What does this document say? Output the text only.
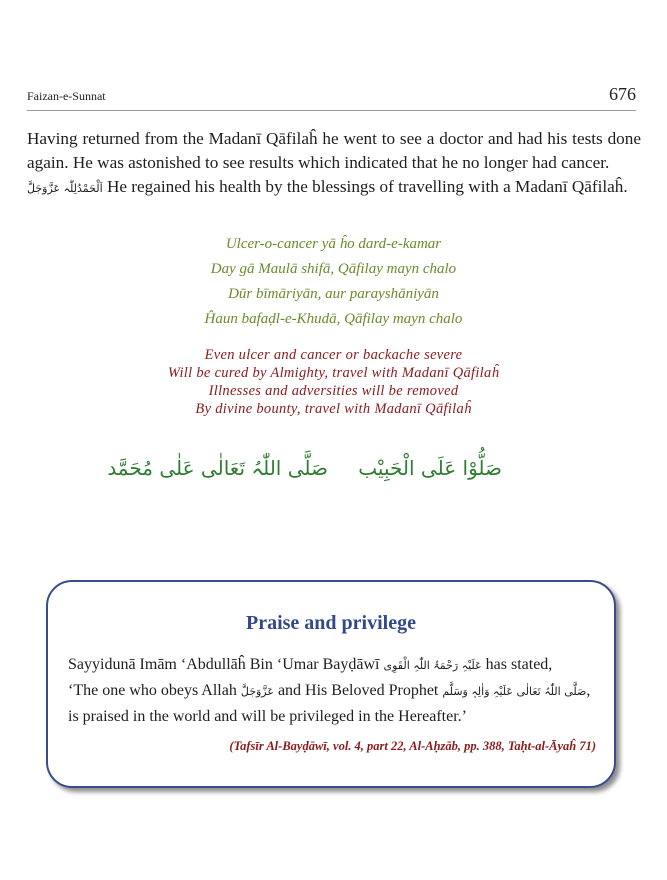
Faizan-e-Sunnat	676

Having returned from the Madanī Qāfilaĥ he went to see a doctor and had his tests done again. He was astonished to see results which indicated that he no longer had cancer.
اَلْحَمْدُلِلّٰہ عَزَّوَجَلَّ He regained his health by the blessings of travelling with a Madanī Qāfilaĥ.

Ulcer-o-cancer yā ĥo dard-e-kamar
Day gā Maulā shifā, Qāfilay mayn chalo
Dūr bīmāriyān, aur parayshāniyān
Ĥaun bafaḍl-e-Khudā, Qāfilay mayn chalo
Even ulcer and cancer or backache severe
Will be cured by Almighty, travel with Madanī Qāfilaĥ
Illnesses and adversities will be removed
By divine bounty, travel with Madanī Qāfilaĥ
صَلَّی اللّٰہُ تَعَالٰی عَلٰی مُحَمَّد صَلُّوْا عَلَی الْحَبِیْب
Praise and privilege

Sayyidunā Imām ‘Abdullāĥ Bin ‘Umar Bayḍāwī عَلَیْہِ رَحْمَۃُ اللّٰہِ الْقَوِی has stated,
‘The one who obeys Allah عَزَّوَجَلَّ and His Beloved Prophet صَلَّی اللّٰہُ تَعَالٰی عَلَیْہِ وَاٰلِہٖ وَسَلَّم,
is praised in the world and will be privileged in the Hereafter.’

(Tafsīr Al-Bayḍāwī, vol. 4, part 22, Al-Aḥzāb, pp. 388, Taḥt-al-Āyaĥ 71)
